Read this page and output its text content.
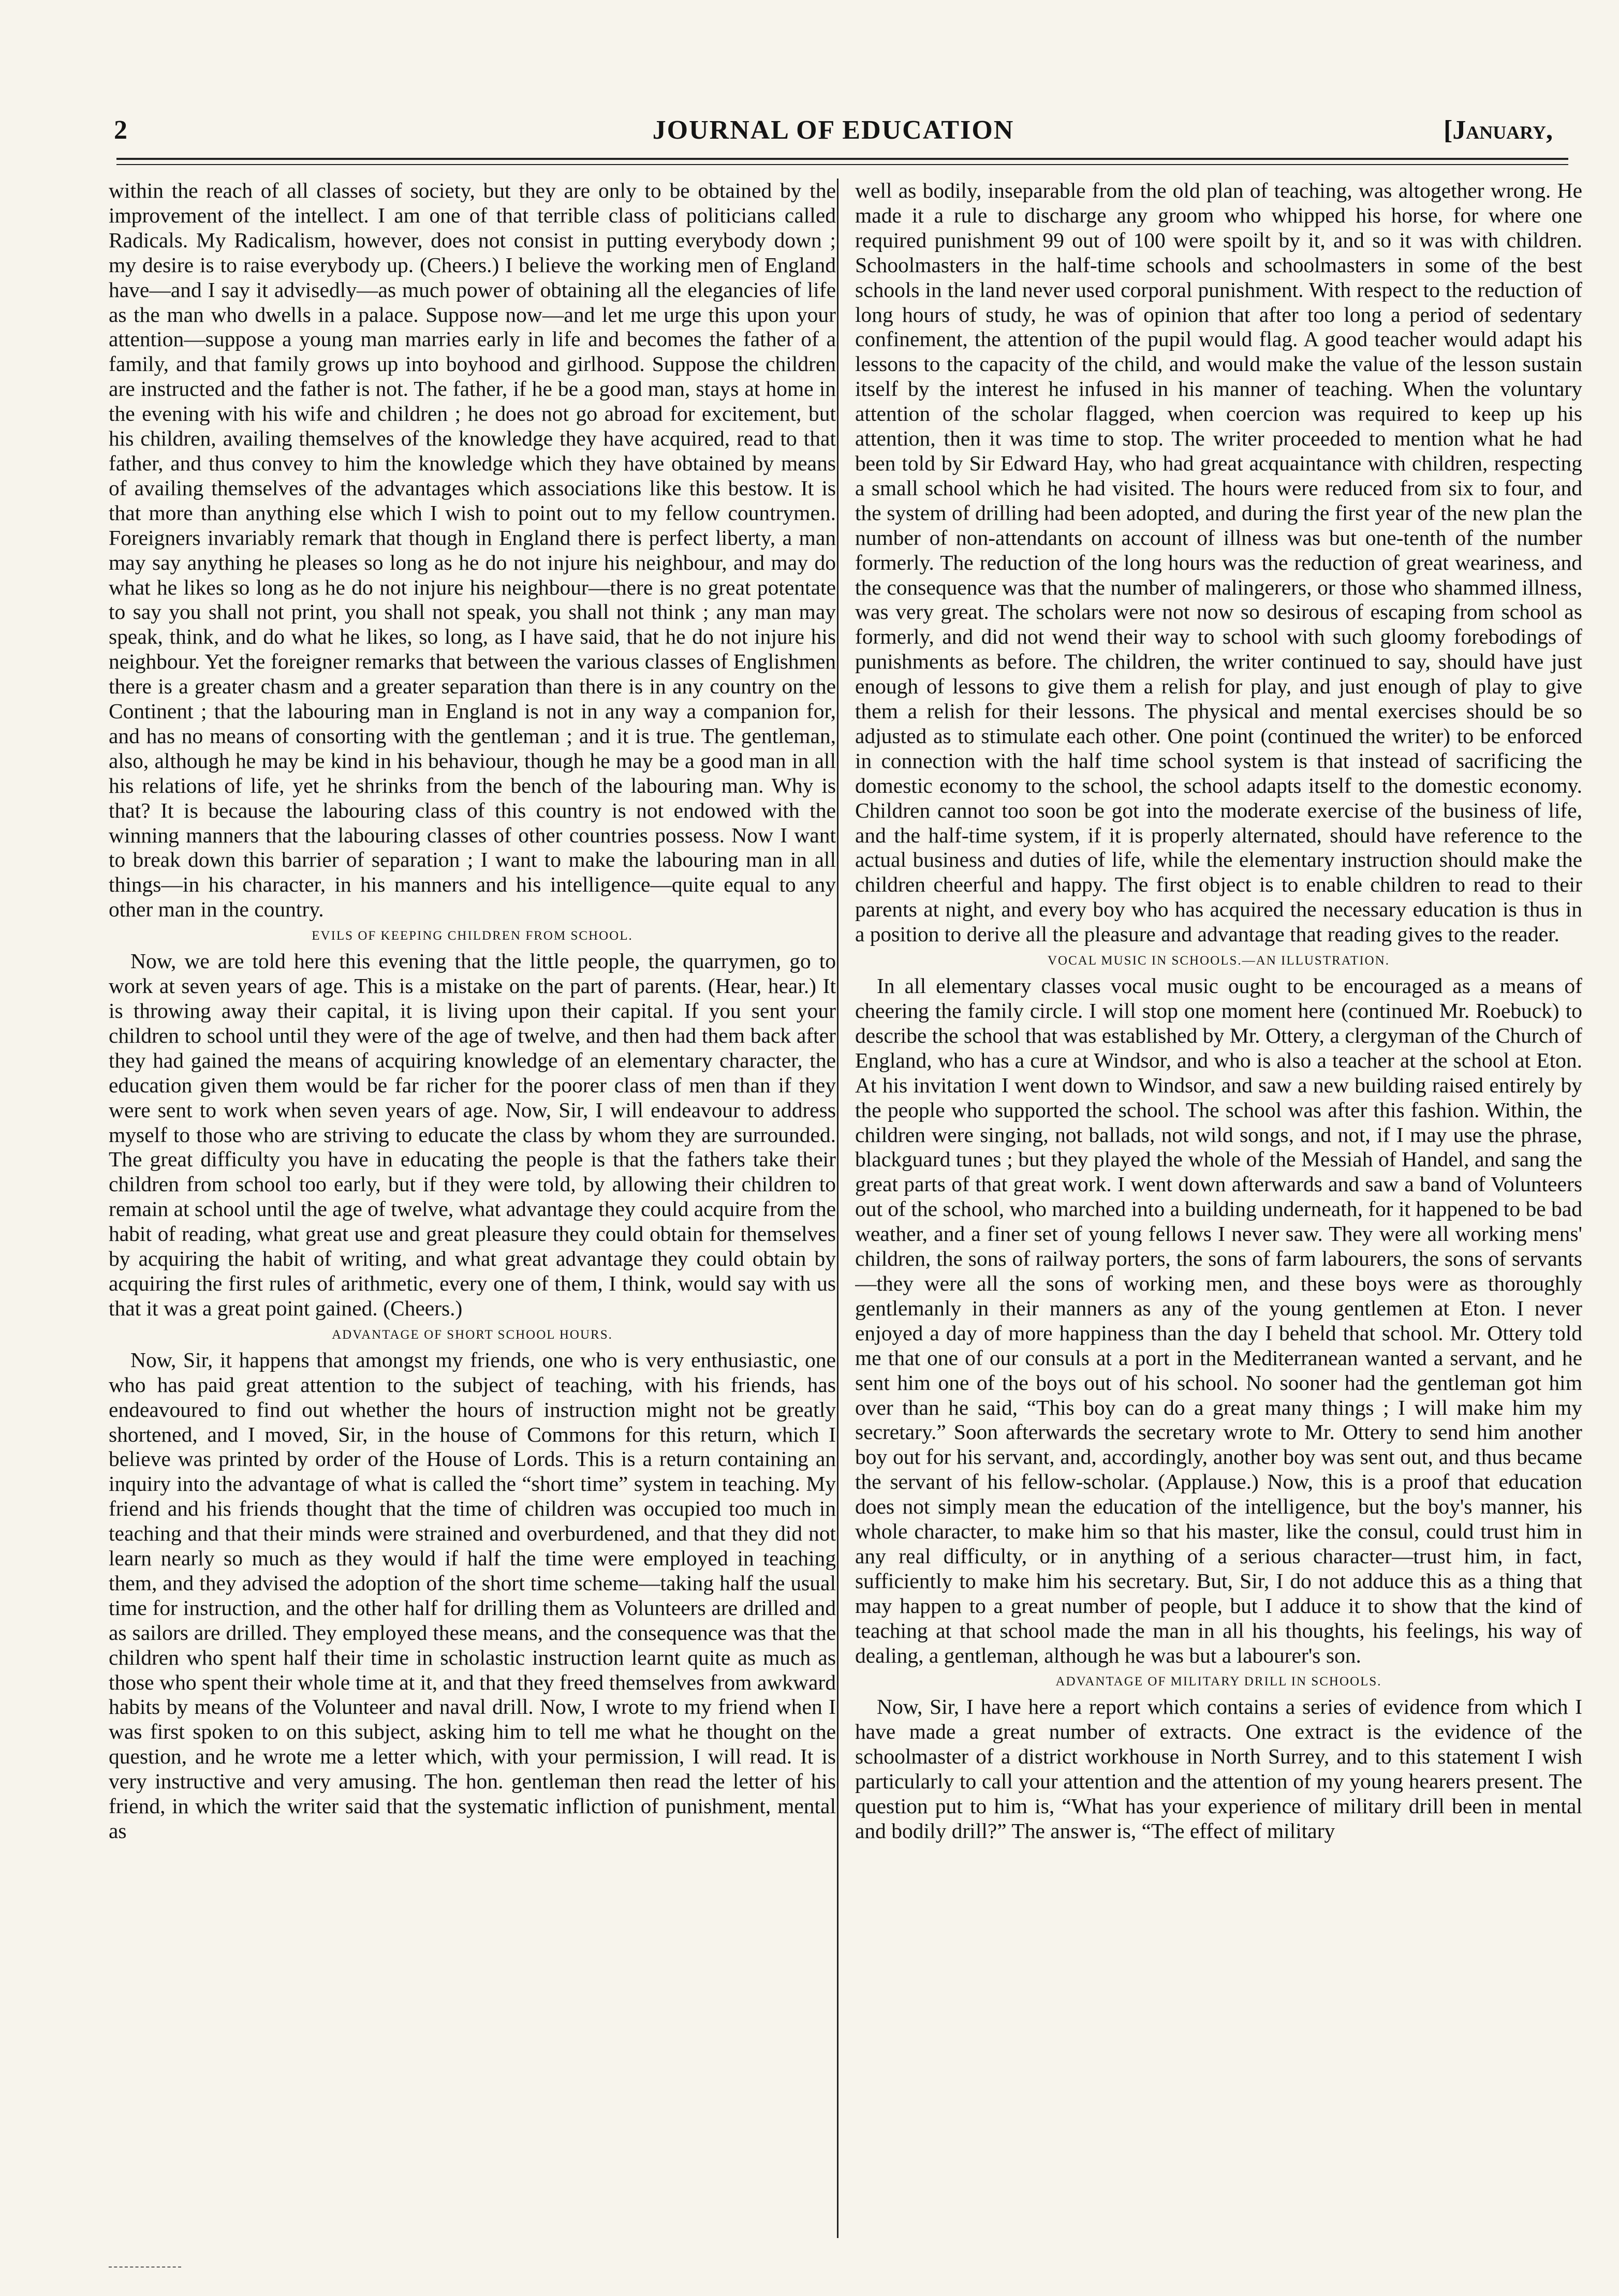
2	JOURNAL OF EDUCATION	[January,

within the reach of all classes of society, but they are only to be obtained by the improvement of the intellect. I am one of that terrible class of politicians called Radicals. My Radicalism, however, does not consist in putting everybody down ; my desire is to raise everybody up. (Cheers.) I believe the working men of England have—and I say it advisedly—as much power of obtaining all the elegancies of life as the man who dwells in a palace. Suppose now—and let me urge this upon your attention—suppose a young man marries early in life and becomes the father of a family, and that family grows up into boyhood and girlhood. Suppose the children are instructed and the father is not. The father, if he be a good man, stays at home in the evening with his wife and children ; he does not go abroad for excitement, but his children, availing themselves of the knowledge they have acquired, read to that father, and thus convey to him the knowledge which they have obtained by means of availing themselves of the advantages which associations like this bestow. It is that more than anything else which I wish to point out to my fellow countrymen. Foreigners invariably remark that though in England there is perfect liberty, a man may say anything he pleases so long as he do not injure his neighbour, and may do what he likes so long as he do not injure his neighbour—there is no great potentate to say you shall not print, you shall not speak, you shall not think ; any man may speak, think, and do what he likes, so long, as I have said, that he do not injure his neighbour. Yet the foreigner remarks that between the various classes of Englishmen there is a greater chasm and a greater separation than there is in any country on the Continent ; that the labouring man in England is not in any way a companion for, and has no means of consorting with the gentleman ; and it is true. The gentleman, also, although he may be kind in his behaviour, though he may be a good man in all his relations of life, yet he shrinks from the bench of the labouring man. Why is that? It is because the labouring class of this country is not endowed with the winning manners that the labouring classes of other countries possess. Now I want to break down this barrier of separation ; I want to make the labouring man in all things—in his character, in his manners and his intelligence—quite equal to any other man in the country.

EVILS OF KEEPING CHILDREN FROM SCHOOL.

Now, we are told here this evening that the little people, the quarrymen, go to work at seven years of age. This is a mistake on the part of parents. (Hear, hear.) It is throwing away their capital, it is living upon their capital. If you sent your children to school until they were of the age of twelve, and then had them back after they had gained the means of acquiring knowledge of an elementary character, the education given them would be far richer for the poorer class of men than if they were sent to work when seven years of age. Now, Sir, I will endeavour to address myself to those who are striving to educate the class by whom they are surrounded. The great difficulty you have in educating the people is that the fathers take their children from school too early, but if they were told, by allowing their children to remain at school until the age of twelve, what advantage they could acquire from the habit of reading, what great use and great pleasure they could obtain for themselves by acquiring the habit of writing, and what great advantage they could obtain by acquiring the first rules of arithmetic, every one of them, I think, would say with us that it was a great point gained. (Cheers.)

ADVANTAGE OF SHORT SCHOOL HOURS.

Now, Sir, it happens that amongst my friends, one who is very enthusiastic, one who has paid great attention to the subject of teaching, with his friends, has endeavoured to find out whether the hours of instruction might not be greatly shortened, and I moved, Sir, in the house of Commons for this return, which I believe was printed by order of the House of Lords. This is a return containing an inquiry into the advantage of what is called the “short time” system in teaching. My friend and his friends thought that the time of children was occupied too much in teaching and that their minds were strained and overburdened, and that they did not learn nearly so much as they would if half the time were employed in teaching them, and they advised the adoption of the short time scheme—taking half the usual time for instruction, and the other half for drilling them as Volunteers are drilled and as sailors are drilled. They employed these means, and the consequence was that the children who spent half their time in scholastic instruction learnt quite as much as those who spent their whole time at it, and that they freed themselves from awkward habits by means of the Volunteer and naval drill. Now, I wrote to my friend when I was first spoken to on this subject, asking him to tell me what he thought on the question, and he wrote me a letter which, with your permission, I will read. It is very instructive and very amusing. The hon. gentleman then read the letter of his friend, in which the writer said that the systematic infliction of punishment, mental as

well as bodily, inseparable from the old plan of teaching, was altogether wrong. He made it a rule to discharge any groom who whipped his horse, for where one required punishment 99 out of 100 were spoilt by it, and so it was with children. Schoolmasters in the half-time schools and schoolmasters in some of the best schools in the land never used corporal punishment. With respect to the reduction of long hours of study, he was of opinion that after too long a period of sedentary confinement, the attention of the pupil would flag. A good teacher would adapt his lessons to the capacity of the child, and would make the value of the lesson sustain itself by the interest he infused in his manner of teaching. When the voluntary attention of the scholar flagged, when coercion was required to keep up his attention, then it was time to stop. The writer proceeded to mention what he had been told by Sir Edward Hay, who had great acquaintance with children, respecting a small school which he had visited. The hours were reduced from six to four, and the system of drilling had been adopted, and during the first year of the new plan the number of non-attendants on account of illness was but one-tenth of the number formerly. The reduction of the long hours was the reduction of great weariness, and the consequence was that the number of malingerers, or those who shammed illness, was very great. The scholars were not now so desirous of escaping from school as formerly, and did not wend their way to school with such gloomy forebodings of punishments as before. The children, the writer continued to say, should have just enough of lessons to give them a relish for play, and just enough of play to give them a relish for their lessons. The physical and mental exercises should be so adjusted as to stimulate each other. One point (continued the writer) to be enforced in connection with the half time school system is that instead of sacrificing the domestic economy to the school, the school adapts itself to the domestic economy. Children cannot too soon be got into the moderate exercise of the business of life, and the half-time system, if it is properly alternated, should have reference to the actual business and duties of life, while the elementary instruction should make the children cheerful and happy. The first object is to enable children to read to their parents at night, and every boy who has acquired the necessary education is thus in a position to derive all the pleasure and advantage that reading gives to the reader.

VOCAL MUSIC IN SCHOOLS.—AN ILLUSTRATION.

In all elementary classes vocal music ought to be encouraged as a means of cheering the family circle. I will stop one moment here (continued Mr. Roebuck) to describe the school that was established by Mr. Ottery, a clergyman of the Church of England, who has a cure at Windsor, and who is also a teacher at the school at Eton. At his invitation I went down to Windsor, and saw a new building raised entirely by the people who supported the school. The school was after this fashion. Within, the children were singing, not ballads, not wild songs, and not, if I may use the phrase, blackguard tunes ; but they played the whole of the Messiah of Handel, and sang the great parts of that great work. I went down afterwards and saw a band of Volunteers out of the school, who marched into a building underneath, for it happened to be bad weather, and a finer set of young fellows I never saw. They were all working mens' children, the sons of railway porters, the sons of farm labourers, the sons of servants—they were all the sons of working men, and these boys were as thoroughly gentlemanly in their manners as any of the young gentlemen at Eton. I never enjoyed a day of more happiness than the day I beheld that school. Mr. Ottery told me that one of our consuls at a port in the Mediterranean wanted a servant, and he sent him one of the boys out of his school. No sooner had the gentleman got him over than he said, “This boy can do a great many things ; I will make him my secretary.” Soon afterwards the secretary wrote to Mr. Ottery to send him another boy out for his servant, and, accordingly, another boy was sent out, and thus became the servant of his fellow-scholar. (Applause.) Now, this is a proof that education does not simply mean the education of the intelligence, but the boy's manner, his whole character, to make him so that his master, like the consul, could trust him in any real difficulty, or in anything of a serious character—trust him, in fact, sufficiently to make him his secretary. But, Sir, I do not adduce this as a thing that may happen to a great number of people, but I adduce it to show that the kind of teaching at that school made the man in all his thoughts, his feelings, his way of dealing, a gentleman, although he was but a labourer's son.

ADVANTAGE OF MILITARY DRILL IN SCHOOLS.

Now, Sir, I have here a report which contains a series of evidence from which I have made a great number of extracts. One extract is the evidence of the schoolmaster of a district workhouse in North Surrey, and to this statement I wish particularly to call your attention and the attention of my young hearers present. The question put to him is, “What has your experience of military drill been in mental and bodily drill?” The answer is, “The effect of military
